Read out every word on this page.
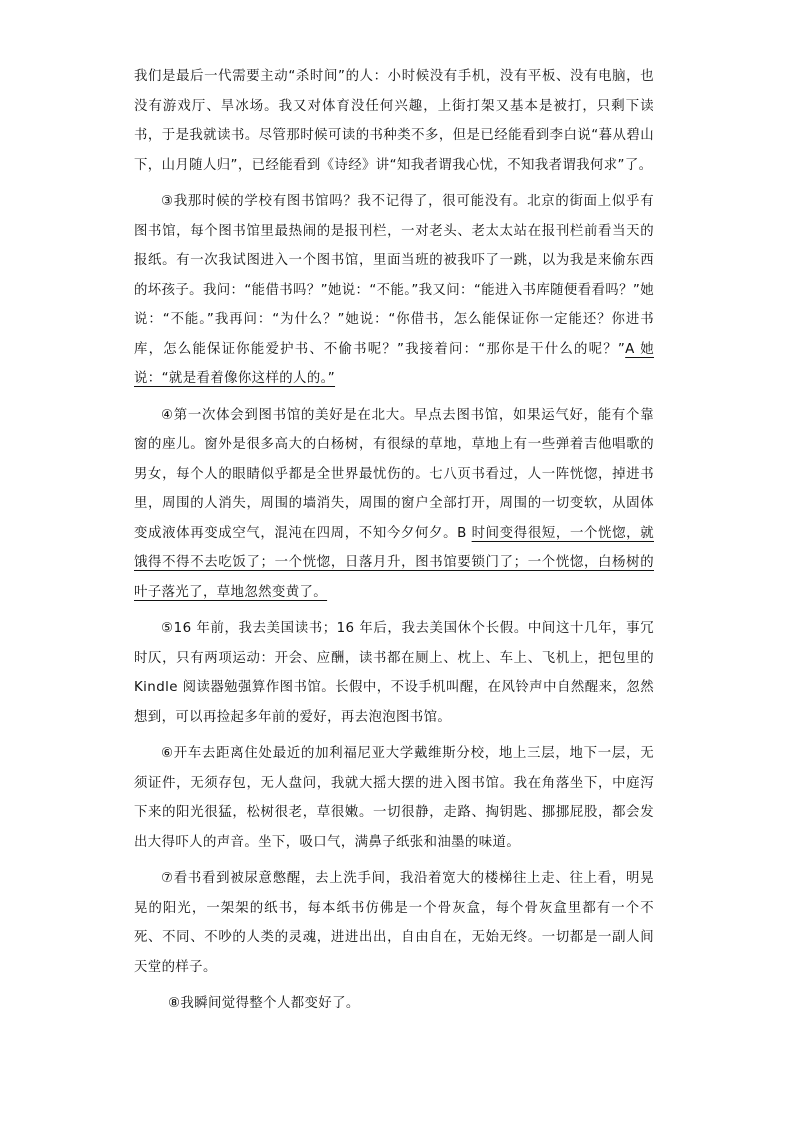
我们是最后一代需要主动“杀时间”的人：小时候没有手机，没有平板、没有电脑，也没有游戏厅、旱冰场。我又对体育没任何兴趣，上街打架又基本是被打，只剩下读书，于是我就读书。尽管那时候可读的书种类不多，但是已经能看到李白说“暮从碧山下，山月随人归”，已经能看到《诗经》讲“知我者谓我心忧，不知我者谓我何求”了。

③我那时候的学校有图书馆吗？我不记得了，很可能没有。北京的街面上似乎有图书馆，每个图书馆里最热闹的是报刊栏，一对老头、老太太站在报刊栏前看当天的报纸。有一次我试图进入一个图书馆，里面当班的被我吓了一跳，以为我是来偷东西的坏孩子。我问：“能借书吗？”她说：“不能。”我又问：“能进入书库随便看看吗？”她说：“不能。”我再问：“为什么？”她说：“你借书，怎么能保证你一定能还？你进书库，怎么能保证你能爱护书、不偷书呢？”我接着问：“那你是干什么的呢？”A 她说：“就是看着像你这样的人的。”

④第一次体会到图书馆的美好是在北大。早点去图书馆，如果运气好，能有个靠窗的座儿。窗外是很多高大的白杨树，有很绿的草地，草地上有一些弹着吉他唱歌的男女，每个人的眼睛似乎都是全世界最忧伤的。七八页书看过，人一阵恍惚，掉进书里，周围的人消失，周围的墙消失，周围的窗户全部打开，周围的一切变软，从固体变成液体再变成空气，混沌在四周，不知今夕何夕。B 时间变得很短，一个恍惚，就饿得不得不去吃饭了；一个恍惚，日落月升，图书馆要锁门了；一个恍惚，白杨树的叶子落光了，草地忽然变黄了。

⑤16 年前，我去美国读书；16 年后，我去美国休个长假。中间这十几年，事冗时仄，只有两项运动：开会、应酬，读书都在厕上、枕上、车上、飞机上，把包里的 Kindle 阅读器勉强算作图书馆。长假中，不设手机叫醒，在风铃声中自然醒来，忽然想到，可以再捡起多年前的爱好，再去泡泡图书馆。

⑥开车去距离住处最近的加利福尼亚大学戴维斯分校，地上三层，地下一层，无须证件，无须存包，无人盘问，我就大摇大摆的进入图书馆。我在角落坐下，中庭泻下来的阳光很猛，松树很老，草很嫩。一切很静，走路、掏钥匙、挪挪屁股，都会发出大得吓人的声音。坐下，吸口气，满鼻子纸张和油墨的味道。

⑦看书看到被尿意憋醒，去上洗手间，我沿着宽大的楼梯往上走、往上看，明晃晃的阳光，一架架的纸书，每本纸书仿佛是一个骨灰盒，每个骨灰盒里都有一个不死、不同、不吵的人类的灵魂，进进出出，自由自在，无始无终。一切都是一副人间天堂的样子。

⑧我瞬间觉得整个人都变好了。
